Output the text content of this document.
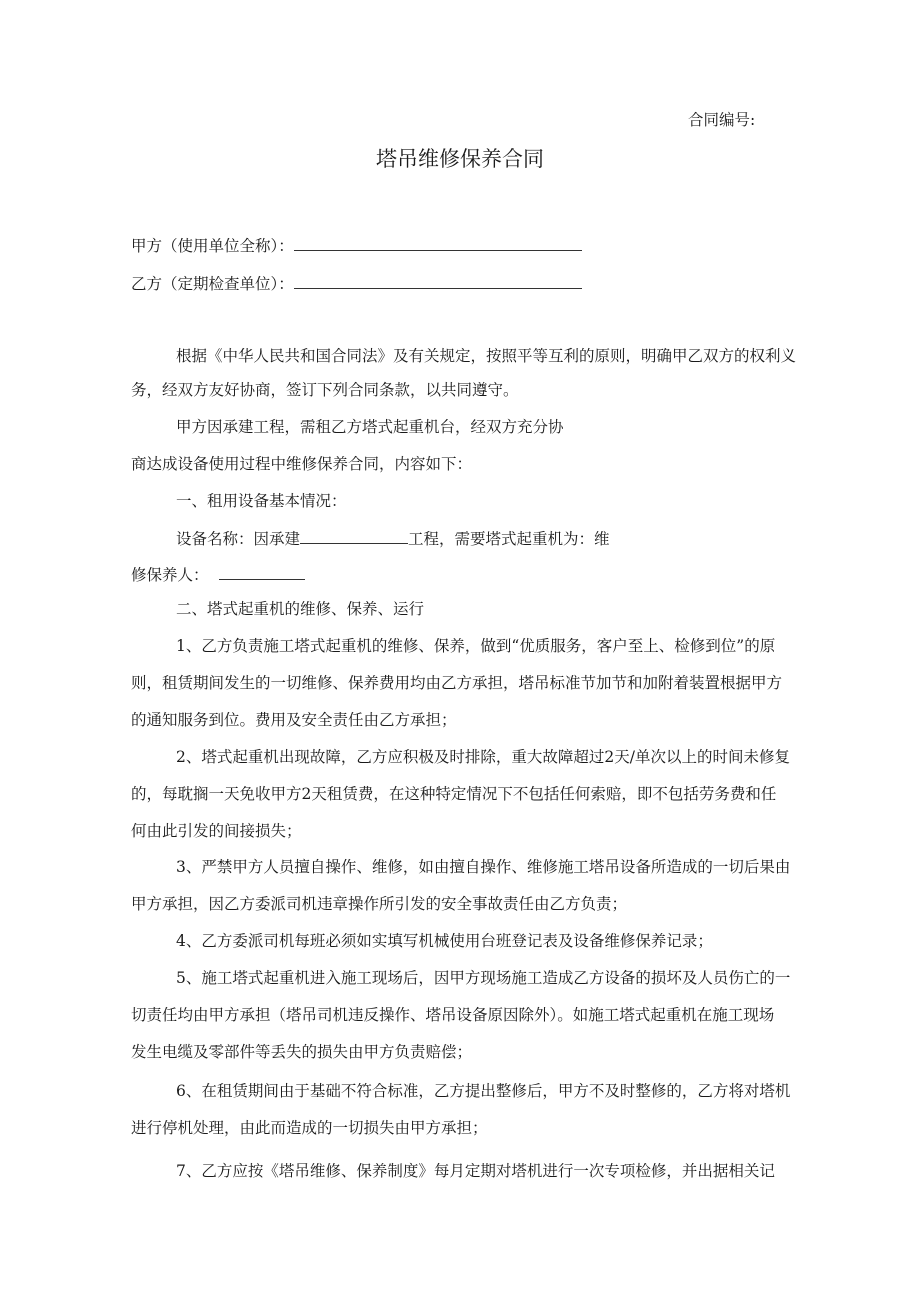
合同编号:
塔吊维修保养合同
甲方（使用单位全称）：
乙方（定期检查单位）：
根据《中华人民共和国合同法》及有关规定，按照平等互利的原则，明确甲乙双方的权利义
务，经双方友好协商，签订下列合同条款，以共同遵守。
甲方因承建工程，需租乙方塔式起重机台，经双方充分协
商达成设备使用过程中维修保养合同，内容如下：
一、租用设备基本情况：
设备名称：因承建	工程，需要塔式起重机为：维
修保养人：
二、塔式起重机的维修、保养、运行
1、乙方负责施工塔式起重机的维修、保养，做到“优质服务，客户至上、检修到位”的原
则，租赁期间发生的一切维修、保养费用均由乙方承担，塔吊标准节加节和加附着装置根据甲方
的通知服务到位。费用及安全责任由乙方承担；
2、塔式起重机出现故障，乙方应积极及时排除，重大故障超过2天/单次以上的时间未修复
的，每耽搁一天免收甲方2天租赁费，在这种特定情况下不包括任何索赔，即不包括劳务费和任
何由此引发的间接损失；
3、严禁甲方人员擅自操作、维修，如由擅自操作、维修施工塔吊设备所造成的一切后果由
甲方承担，因乙方委派司机违章操作所引发的安全事故责任由乙方负责；
4、乙方委派司机每班必须如实填写机械使用台班登记表及设备维修保养记录；
5、施工塔式起重机进入施工现场后，因甲方现场施工造成乙方设备的损坏及人员伤亡的一
切责任均由甲方承担（塔吊司机违反操作、塔吊设备原因除外）。如施工塔式起重机在施工现场
发生电缆及零部件等丢失的损失由甲方负责赔偿；
6、在租赁期间由于基础不符合标准，乙方提出整修后，甲方不及时整修的，乙方将对塔机
进行停机处理，由此而造成的一切损失由甲方承担；
7、乙方应按《塔吊维修、保养制度》每月定期对塔机进行一次专项检修，并出据相关记
